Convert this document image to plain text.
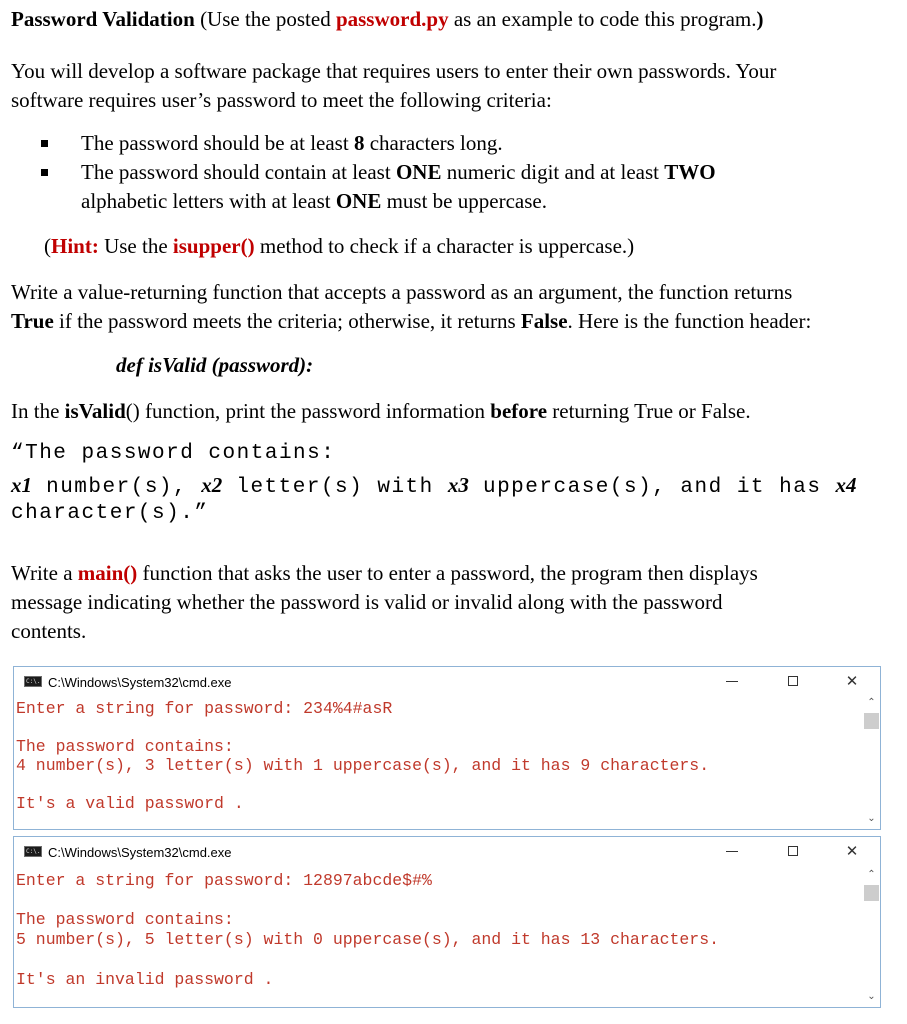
Password Validation (Use the posted password.py as an example to code this program.)
You will develop a software package that requires users to enter their own passwords. Your
software requires user’s password to meet the following criteria:
The password should be at least 8 characters long.
The password should contain at least ONE numeric digit and at least TWO
alphabetic letters with at least ONE must be uppercase.
(Hint: Use the isupper() method to check if a character is uppercase.)
Write a value-returning function that accepts a password as an argument, the function returns
True if the password meets the criteria; otherwise, it returns False. Here is the function header:
def isValid (password):
In the isValid() function, print the password information before returning True or False.
“The password contains:
x1 number(s), x2 letter(s) with x3 uppercase(s), and it has x4
character(s).”
Write a main() function that asks the user to enter a password, the program then displays
message indicating whether the password is valid or invalid along with the password
contents.
C:\. C:\Windows\System32\cmd.exe	✕
Enter a string for password: 234%4#asR
The password contains:
4 number(s), 3 letter(s) with 1 uppercase(s), and it has 9 characters.
It's a valid password .
⌃
⌄
C:\. C:\Windows\System32\cmd.exe	✕
Enter a string for password: 12897abcde$#%
The password contains:
5 number(s), 5 letter(s) with 0 uppercase(s), and it has 13 characters.
It's an invalid password .
⌃
⌄
